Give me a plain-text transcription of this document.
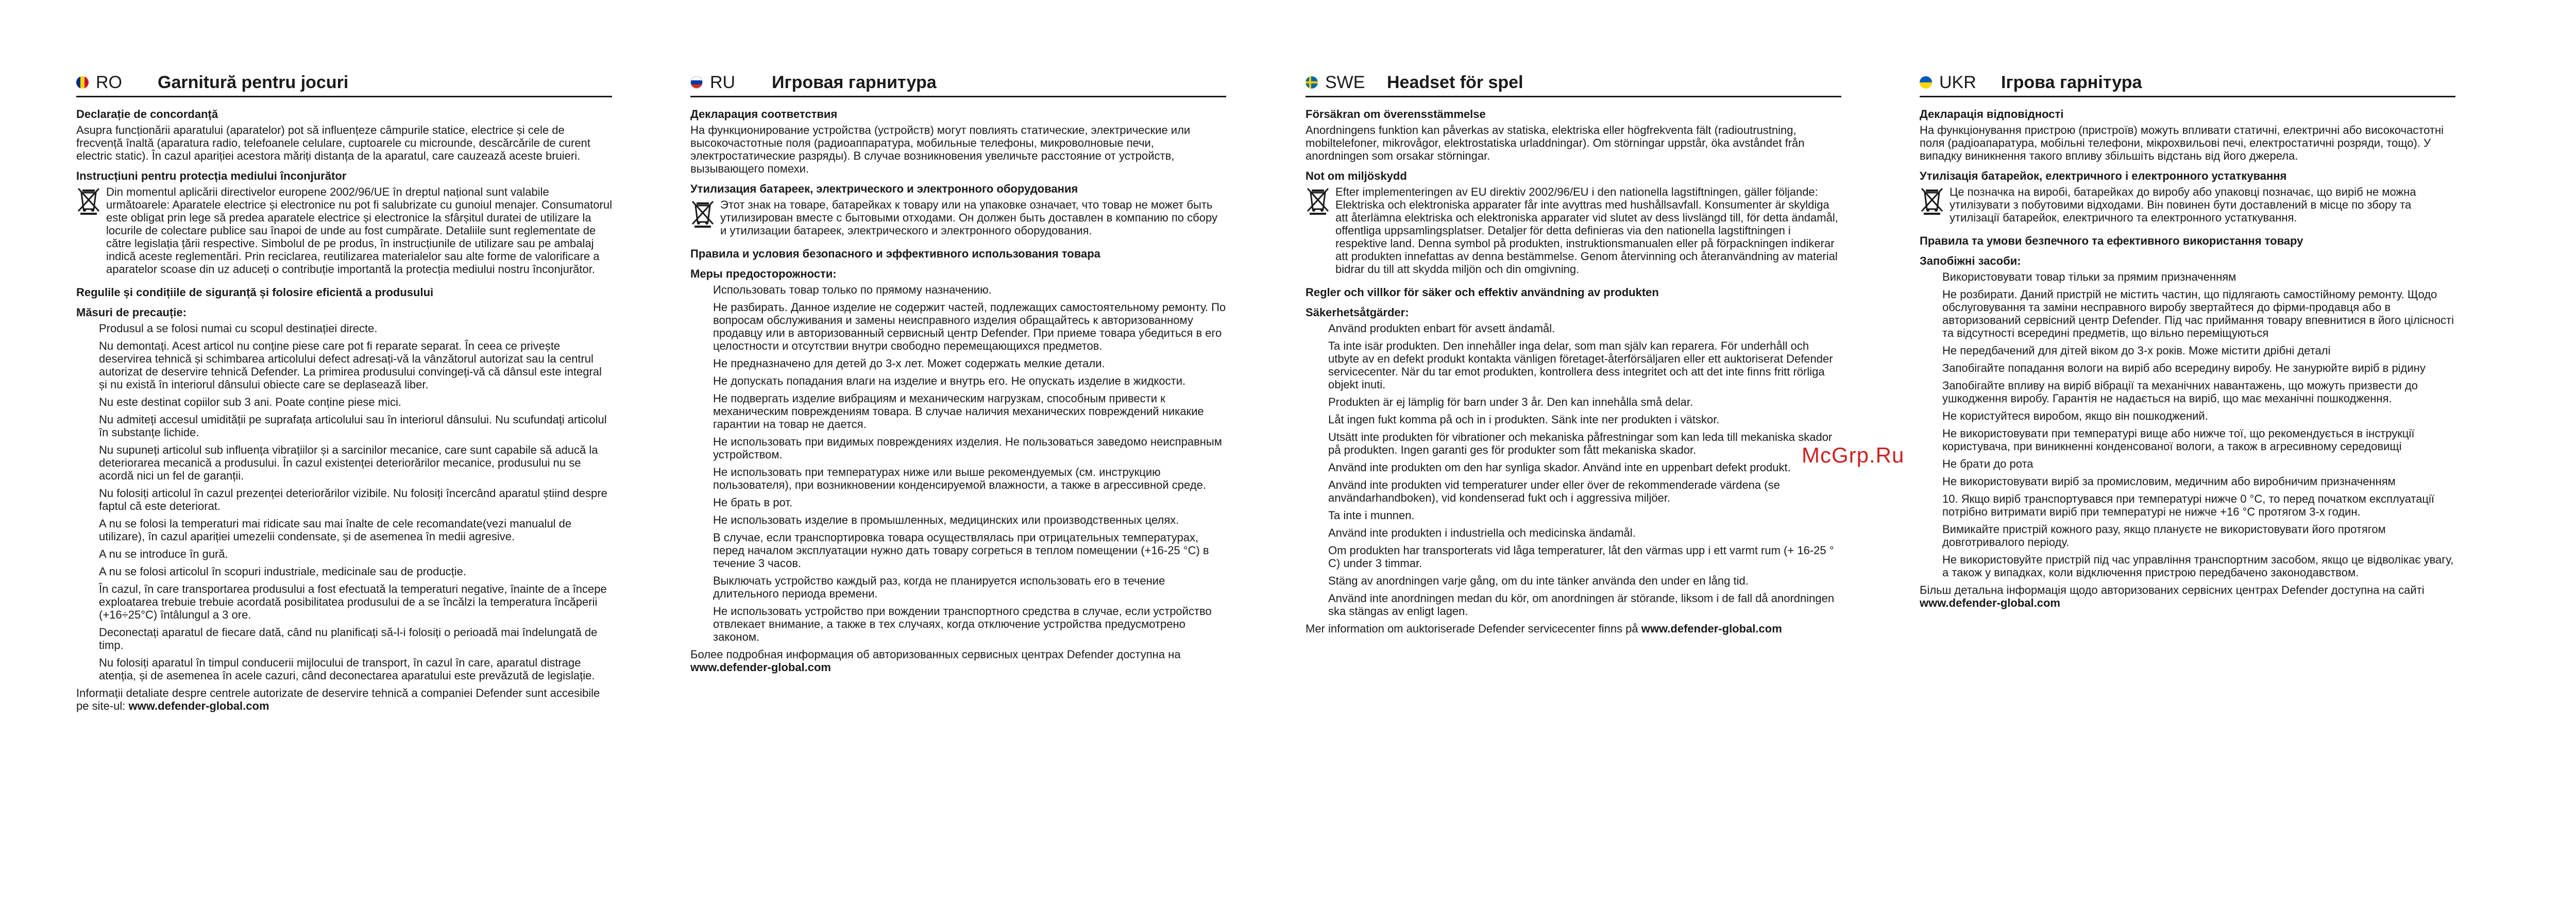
McGrp.Ru
RO	Garnitură pentru jocuri
Declarație de concordanță

Asupra funcționării aparatului (aparatelor) pot să influențeze câmpurile statice, electrice și cele de frecvență înaltă (aparatura radio, telefoanele celulare, cuptoarele cu microunde, descărcările de curent electric static). În cazul apariției acestora măriți distanța de la aparatul, care cauzează aceste bruieri.

Instrucțiuni pentru protecția mediului înconjurător

Din momentul aplicării directivelor europene 2002/96/UE în dreptul național sunt valabile următoarele: Aparatele electrice și electronice nu pot fi salubrizate cu gunoiul menajer. Consumatorul este obligat prin lege să predea aparatele electrice și electronice la sfârșitul duratei de utilizare la locurile de colectare publice sau înapoi de unde au fost cumpărate. Detaliile sunt reglementate de către legislația țării respective. Simbolul de pe produs, în instrucțiunile de utilizare sau pe ambalaj indică aceste reglementări. Prin reciclarea, reutilizarea materialelor sau alte forme de valorificare a aparatelor scoase din uz aduceți o contribuție importantă la protecția mediului nostru înconjurător.

Regulile și condițiile de siguranță și folosire eficientă a produsului
Măsuri de precauție:
Produsul a se folosi numai cu scopul destinației directe.
Nu demontați. Acest articol nu conține piese care pot fi reparate separat. În ceea ce privește deservirea tehnică și schimbarea articolului defect adresați-vă la vânzătorul autorizat sau la centrul autorizat de deservire tehnică Defender. La primirea produsului convingeți-vă că dânsul este integral și nu există în interiorul dânsului obiecte care se deplasează liber.
Nu este destinat copiilor sub 3 ani. Poate conține piese mici.
Nu admiteți accesul umidității pe suprafața articolului sau în interiorul dânsului. Nu scufundați articolul în substanțe lichide.
Nu supuneți articolul sub influența vibrațiilor și a sarcinilor mecanice, care sunt capabile să aducă la deteriorarea mecanică a produsului. În cazul existenței deteriorărilor mecanice, produsului nu se acordă nici un fel de garanții.
Nu folosiți articolul în cazul prezenței deteriorărilor vizibile. Nu folosiți încercând aparatul știind despre faptul că este deteriorat.
A nu se folosi la temperaturi mai ridicate sau mai înalte de cele recomandate(vezi manualul de utilizare), în cazul apariției umezelii condensate, și de asemenea în medii agresive.
A nu se introduce în gură.
A nu se folosi articolul în scopuri industriale, medicinale sau de producție.
În cazul, în care transportarea produsului a fost efectuată la temperaturi negative, înainte de a începe exploatarea trebuie trebuie acordată posibilitatea produsului de a se încălzi la temperatura încăperii (+16÷25°C) întâlungul a 3 ore.
Deconectați aparatul de fiecare dată, când nu planificați să-l-i folosiți o perioadă mai îndelungată de timp.
Nu folosiți aparatul în timpul conducerii mijlocului de transport, în cazul în care, aparatul distrage atenția, și de asemenea în acele cazuri, când deconectarea aparatului este prevăzută de legislație.

Informații detaliate despre centrele autorizate de deservire tehnică a companiei Defender sunt accesibile pe site-ul: www.defender-global.com

RU	Игровая гарнитура
Декларация соответствия

На функционирование устройства (устройств) могут повлиять статические, электрические или высокочастотные поля (радиоаппаратура, мобильные телефоны, микроволновые печи, электростатические разряды). В случае возникновения увеличьте расстояние от устройств, вызывающего помехи.

Утилизация батареек, электрического и электронного оборудования

Этот знак на товаре, батарейках к товару или на упаковке означает, что товар не может быть утилизирован вместе с бытовыми отходами. Он должен быть доставлен в компанию по сбору и утилизации батареек, электрического и электронного оборудования.

Правила и условия безопасного и эффективного использования товара
Меры предосторожности:
Использовать товар только по прямому назначению.
Не разбирать. Данное изделие не содержит частей, подлежащих самостоятельному ремонту. По вопросам обслуживания и замены неисправного изделия обращайтесь к авторизованному продавцу или в авторизованный сервисный центр Defender. При приеме товара убедиться в его целостности и отсутствии внутри свободно перемещающихся предметов.
Не предназначено для детей до 3-х лет. Может содержать мелкие детали.
Не допускать попадания влаги на изделие и внутрь его. Не опускать изделие в жидкости.
Не подвергать изделие вибрациям и механическим нагрузкам, способным привести к механическим повреждениям товара. В случае наличия механических повреждений никакие гарантии на товар не дается.
Не использовать при видимых повреждениях изделия. Не пользоваться заведомо неисправным устройством.
Не использовать при температурах ниже или выше рекомендуемых (см. инструкцию пользователя), при возникновении конденсируемой влажности, а также в агрессивной среде.
Не брать в рот.
Не использовать изделие в промышленных, медицинских или производственных целях.
В случае, если транспортировка товара осуществлялась при отрицательных температурах, перед началом эксплуатации нужно дать товару согреться в теплом помещении (+16-25 °С) в течение 3 часов.
Выключать устройство каждый раз, когда не планируется использовать его в течение длительного периода времени.
Не использовать устройство при вождении транспортного средства в случае, если устройство отвлекает внимание, а также в тех случаях, когда отключение устройства предусмотрено законом.

Более подробная информация об авторизованных сервисных центрах Defender доступна на www.defender-global.com

SWE	Headset för spel
Försäkran om överensstämmelse

Anordningens funktion kan påverkas av statiska, elektriska eller högfrekventa fält (radioutrustning, mobiltelefoner, mikrovågor, elektrostatiska urladdningar). Om störningar uppstår, öka avståndet från anordningen som orsakar störningar.

Not om miljöskydd

Efter implementeringen av EU direktiv 2002/96/EU i den nationella lagstiftningen, gäller följande: Elektriska och elektroniska apparater får inte avyttras med hushållsavfall. Konsumenter är skyldiga att återlämna elektriska och elektroniska apparater vid slutet av dess livslängd till, för detta ändamål, offentliga uppsamlingsplatser. Detaljer för detta definieras via den nationella lagstiftningen i respektive land. Denna symbol på produkten, instruktionsmanualen eller på förpackningen indikerar att produkten innefattas av denna bestämmelse. Genom återvinning och återanvändning av material bidrar du till att skydda miljön och din omgivning.

Regler och villkor för säker och effektiv användning av produkten
Säkerhetsåtgärder:
Använd produkten enbart för avsett ändamål.
Ta inte isär produkten. Den innehåller inga delar, som man själv kan reparera. För underhåll och utbyte av en defekt produkt kontakta vänligen företaget-återförsäljaren eller ett auktoriserat Defender servicecenter. När du tar emot produkten, kontrollera dess integritet och att det inte finns fritt rörliga objekt inuti.
Produkten är ej lämplig för barn under 3 år. Den kan innehålla små delar.
Låt ingen fukt komma på och in i produkten. Sänk inte ner produkten i vätskor.
Utsätt inte produkten för vibrationer och mekaniska påfrestningar som kan leda till mekaniska skador på produkten. Ingen garanti ges för produkter som fått mekaniska skador.
Använd inte produkten om den har synliga skador. Använd inte en uppenbart defekt produkt.
Använd inte produkten vid temperaturer under eller över de rekommenderade värdena (se användarhandboken), vid kondenserad fukt och i aggressiva miljöer.
Ta inte i munnen.
Använd inte produkten i industriella och medicinska ändamål.
Om produkten har transporterats vid låga temperaturer, låt den värmas upp i ett varmt rum (+ 16-25 ° C) under 3 timmar.
Stäng av anordningen varje gång, om du inte tänker använda den under en lång tid.
Använd inte anordningen medan du kör, om anordningen är störande, liksom i de fall då anordningen ska stängas av enligt lagen.

Mer information om auktoriserade Defender servicecenter finns på www.defender-global.com

UKR	Ігрова гарнітура
Декларація відповідності

На функціонування пристрою (пристроїв) можуть впливати статичні, електричні або високочастотні поля (радіоапаратура, мобільні телефони, мікрохвильові печі, електростатичні розряди, тощо). У випадку виникнення такого впливу збільшіть відстань від його джерела.

Утилізація батарейок, електричного і електронного устаткування

Це позначка на виробі, батарейках до виробу або упаковці позначає, що виріб не можна утилізувати з побутовими відходами. Він повинен бути доставлений в місце по збору та утилізації батарейок, електричного та електронного устаткування.

Правила та умови безпечного та ефективного використання товару
Запобіжні засоби:
Використовувати товар тільки за прямим призначенням
Не розбирати. Даний пристрій не містить частин, що підлягають самостійному ремонту. Щодо обслуговування та заміни несправного виробу звертайтеся до фірми-продавця або в авторизований сервісний центр Defender. Під час приймання товару впевнитися в його цілісності та відсутності всередині предметів, що вільно переміщуються
Не передбачений для дітей віком до 3-х років. Може містити дрібні деталі
Запобігайте попадання вологи на виріб або всередину виробу. Не занурюйте виріб в рідину
Запобігайте впливу на виріб вібрації та механічних навантажень, що можуть призвести до ушкодження виробу. Гарантія не надається на виріб, що має механічні пошкодження.
Не користуйтеся виробом, якщо він пошкоджений.
Не використовувати при температурі вище або нижче тої, що рекомендується в інструкції користувача, при виникненні конденсованої вологи, а також в агресивному середовищі
Не брати до рота
Не використовувати виріб за промисловим, медичним або виробничим призначенням
10. Якщо виріб транспортувався при температурі нижче 0 °С, то перед початком експлуатації потрібно витримати виріб при температурі не нижче +16 °С протягом 3-х годин.
Вимикайте пристрій кожного разу, якщо плануєте не використовувати його протягом довготривалого періоду.
Не використовуйте пристрій під час управління транспортним засобом, якщо це відволікає увагу, а також у випадках, коли відключення пристрою передбачено законодавством.

Більш детальна інформація щодо авторизованих сервісних центрах Defender доступна на сайті www.defender-global.com
